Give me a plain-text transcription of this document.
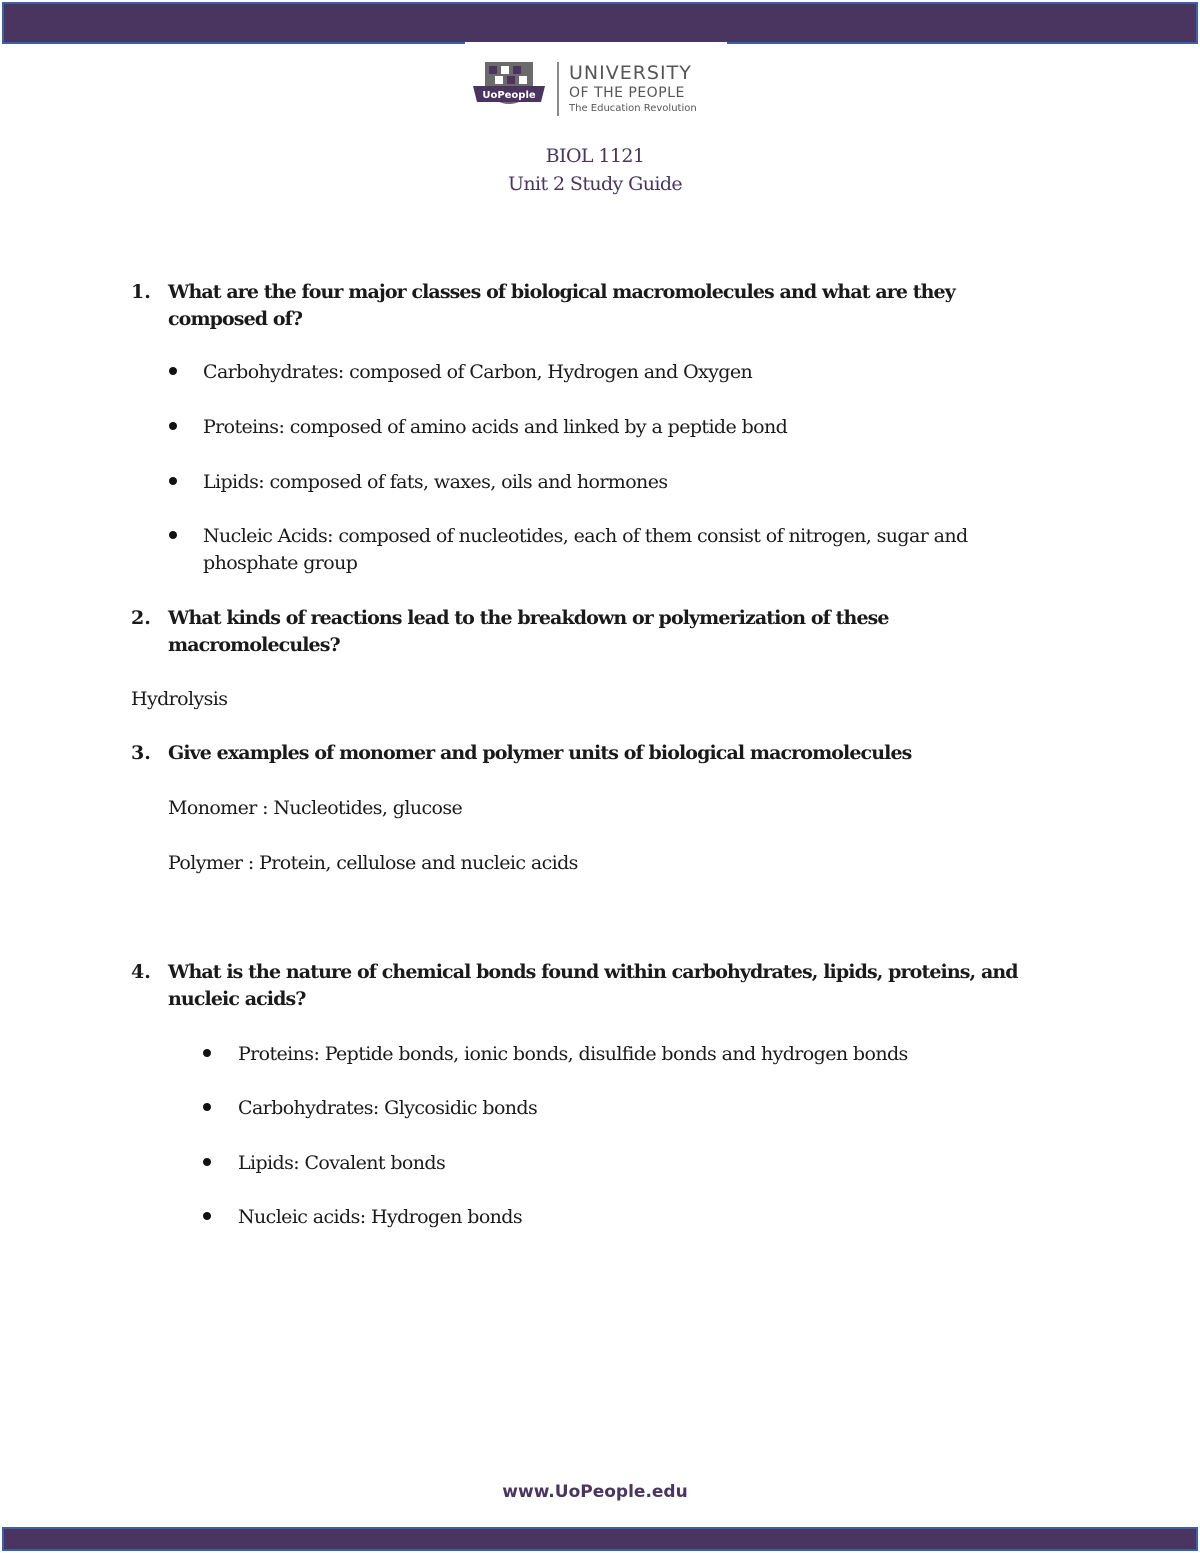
UoPeople
UNIVERSITY
OF THE PEOPLE
The Education Revolution
BIOL 1121
Unit 2 Study Guide
1. What are the four major classes of biological macromolecules and what are they
composed of?
Carbohydrates: composed of Carbon, Hydrogen and Oxygen
Proteins: composed of amino acids and linked by a peptide bond
Lipids: composed of fats, waxes, oils and hormones
Nucleic Acids: composed of nucleotides, each of them consist of nitrogen, sugar and
phosphate group
2. What kinds of reactions lead to the breakdown or polymerization of these
macromolecules?
Hydrolysis
3. Give examples of monomer and polymer units of biological macromolecules
Monomer : Nucleotides, glucose
Polymer : Protein, cellulose and nucleic acids
4. What is the nature of chemical bonds found within carbohydrates, lipids, proteins, and
nucleic acids?
Proteins: Peptide bonds, ionic bonds, disulfide bonds and hydrogen bonds
Carbohydrates: Glycosidic bonds
Lipids: Covalent bonds
Nucleic acids: Hydrogen bonds
www.UoPeople.edu
